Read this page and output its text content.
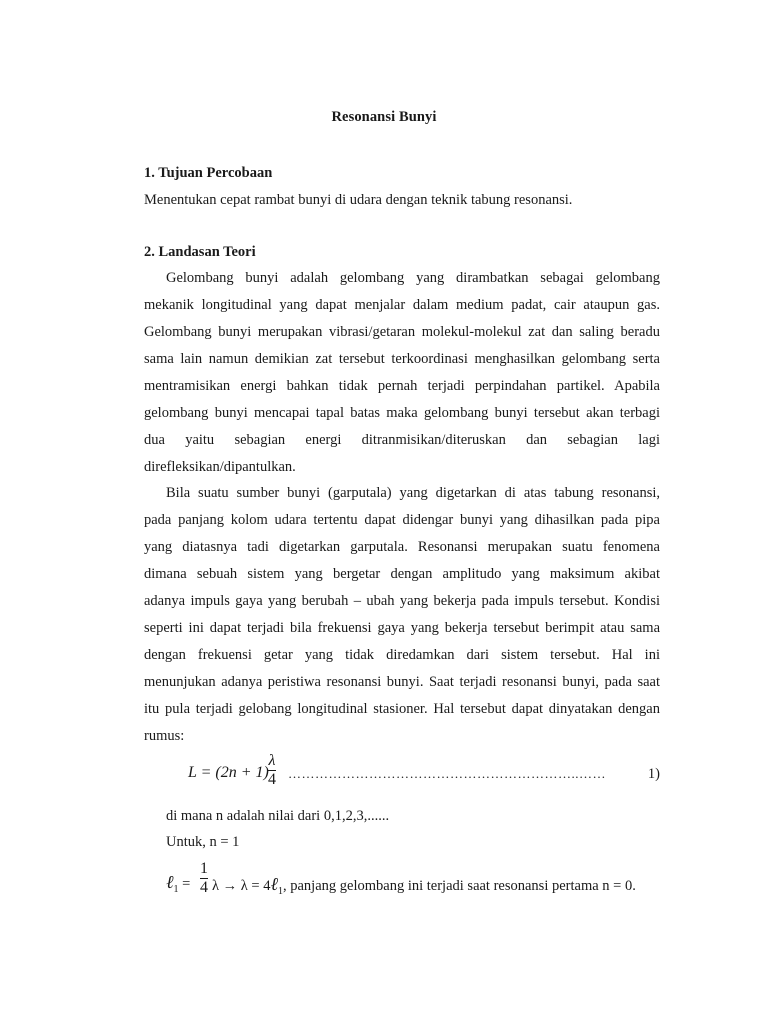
Resonansi Bunyi
1. Tujuan Percobaan
Menentukan cepat rambat bunyi di udara dengan teknik tabung resonansi.
2. Landasan Teori
Gelombang bunyi adalah gelombang yang dirambatkan sebagai gelombang
mekanik longitudinal yang dapat menjalar dalam medium padat, cair ataupun gas.
Gelombang bunyi merupakan vibrasi/getaran molekul-molekul zat dan saling beradu
sama lain namun demikian zat tersebut terkoordinasi menghasilkan gelombang serta
mentramisikan energi bahkan tidak pernah terjadi perpindahan partikel. Apabila
gelombang bunyi mencapai tapal batas maka gelombang bunyi tersebut akan terbagi
dua yaitu sebagian energi ditranmisikan/diteruskan dan sebagian lagi
direfleksikan/dipantulkan.
Bila suatu sumber bunyi (garputala) yang digetarkan di atas tabung resonansi,
pada panjang kolom udara tertentu dapat didengar bunyi yang dihasilkan pada pipa
yang diatasnya tadi digetarkan garputala. Resonansi merupakan suatu fenomena
dimana sebuah sistem yang bergetar dengan amplitudo yang maksimum akibat
adanya impuls gaya yang berubah – ubah yang bekerja pada impuls tersebut. Kondisi
seperti ini dapat terjadi bila frekuensi gaya yang bekerja tersebut berimpit atau sama
dengan frekuensi getar yang tidak diredamkan dari sistem tersebut. Hal ini
menunjukan adanya peristiwa resonansi bunyi. Saat terjadi resonansi bunyi, pada saat
itu pula terjadi gelobang longitudinal stasioner. Hal tersebut dapat dinyatakan dengan
rumus:
L = (2n + 1)
λ
4 ………………………………………………………..……	1)
di mana n adalah nilai dari 0,1,2,3,......
Untuk, n = 1
ℓ$_1$ =
1
4 λ → λ = 4ℓ$_1$, panjang gelombang ini terjadi saat resonansi pertama n = 0.
